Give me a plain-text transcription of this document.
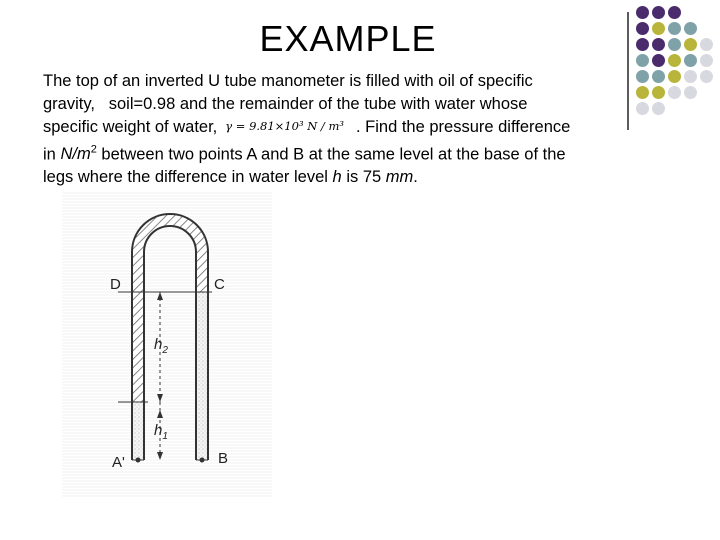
EXAMPLE

The top of an inverted U tube manometer is filled with oil of specific

gravity, soil=0.98 and the remainder of the tube with water whose

specific weight of water, γ = 9.81×10³ N / m³ . Find the pressure difference

in $N/m^2$ between two points A and B at the same level at the base of the

legs where the difference in water level h is 75 mm.

D	C
$h_2$
$h_1$
A'	B
